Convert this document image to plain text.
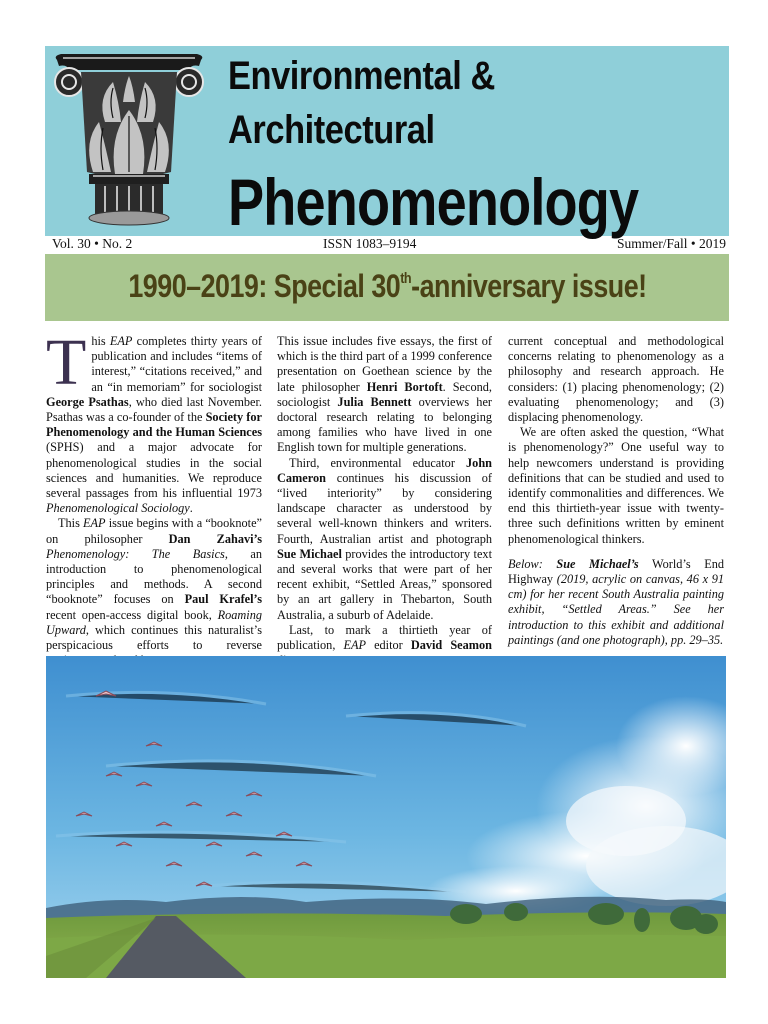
Environmental &
Architectural
Phenomenology
Vol. 30 • No. 2	ISSN 1083–9194	Summer/Fall • 2019
1990–2019: Special 30th-anniversary issue!

This EAP completes thirty years of publication and includes “items of interest,” “citations received,” and an “in memoriam” for sociologist George Psathas, who died last November. Psathas was a co-founder of the Society for Phenomenology and the Human Sciences (SPHS) and a major advocate for phenomenological studies in the social sciences and humanities. We reproduce several passages from his influential 1973 Phenomenological Sociology.

This EAP issue begins with a “booknote” on philosopher Dan Zahavi’s Phenomenology: The Basics, an introduction to phenomenological principles and methods. A second “booknote” focuses on Paul Krafel’s recent open-access digital book, Roaming Upward, which continues this naturalist’s perspicacious efforts to reverse

This issue includes five essays, the first of which is the third part of a 1999 conference presentation on Goethean science by the late philosopher Henri Bortoft. Second, sociologist Julia Bennett overviews her doctoral research relating to belonging among families who have lived in one English town for multiple generations.

Third, environmental educator John Cameron continues his discussion of “lived interiority” by considering landscape character as understood by several well-known thinkers and writers. Fourth, Australian artist and photograph Sue Michael provides the introductory text and several works that were part of her recent exhibit, “Settled Areas,” sponsored by an art gallery in Thebarton, South Australia, a suburb of Adelaide.

Last, to mark a thirtieth year of publication, EAP editor David Seamon

current conceptual and methodological concerns relating to phenomenology as a philosophy and research approach. He considers: (1) placing phenomenology; (2) evaluating phenomenology; and (3) displacing phenomenology.

We are often asked the question, “What is phenomenology?” One useful way to help newcomers understand is providing definitions that can be studied and used to identify commonalities and differences. We end this thirtieth-year issue with twenty-three such definitions written by eminent phenomenological thinkers.

Below: Sue Michael’s World’s End Highway (2019, acrylic on canvas, 46 x 91 cm) for her recent South Australia painting exhibit, “Settled Areas.” See her introduction to this exhibit and additional paintings (and one photograph), pp. 29–35.
